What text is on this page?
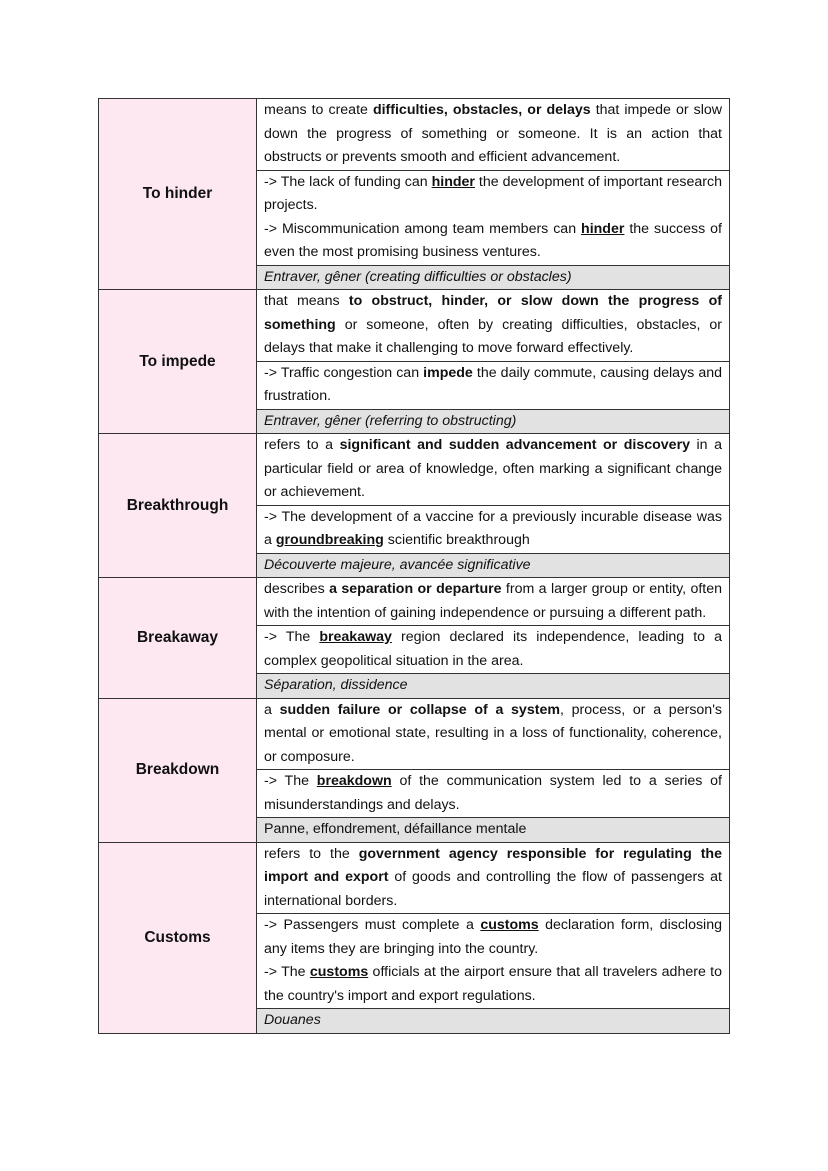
To hinder	means to create difficulties, obstacles, or delays that impede or slow down the progress of something or someone. It is an action that obstructs or prevents smooth and efficient advancement.
	-> The lack of funding can hinder the development of important research projects.
-> Miscommunication among team members can hinder the success of even the most promising business ventures.
	Entraver, gêner (creating difficulties or obstacles)
To impede	that means to obstruct, hinder, or slow down the progress of something or someone, often by creating difficulties, obstacles, or delays that make it challenging to move forward effectively.
	-> Traffic congestion can impede the daily commute, causing delays and frustration.
	Entraver, gêner (referring to obstructing)
Breakthrough	refers to a significant and sudden advancement or discovery in a particular field or area of knowledge, often marking a significant change or achievement.
	-> The development of a vaccine for a previously incurable disease was a groundbreaking scientific breakthrough
	Découverte majeure, avancée significative
Breakaway	describes a separation or departure from a larger group or entity, often with the intention of gaining independence or pursuing a different path.
	-> The breakaway region declared its independence, leading to a complex geopolitical situation in the area.
	Séparation, dissidence
Breakdown	a sudden failure or collapse of a system, process, or a person's mental or emotional state, resulting in a loss of functionality, coherence, or composure.
	-> The breakdown of the communication system led to a series of misunderstandings and delays.
	Panne, effondrement, défaillance mentale
Customs	refers to the government agency responsible for regulating the import and export of goods and controlling the flow of passengers at international borders.
	-> Passengers must complete a customs declaration form, disclosing any items they are bringing into the country.
-> The customs officials at the airport ensure that all travelers adhere to the country's import and export regulations.
	Douanes
